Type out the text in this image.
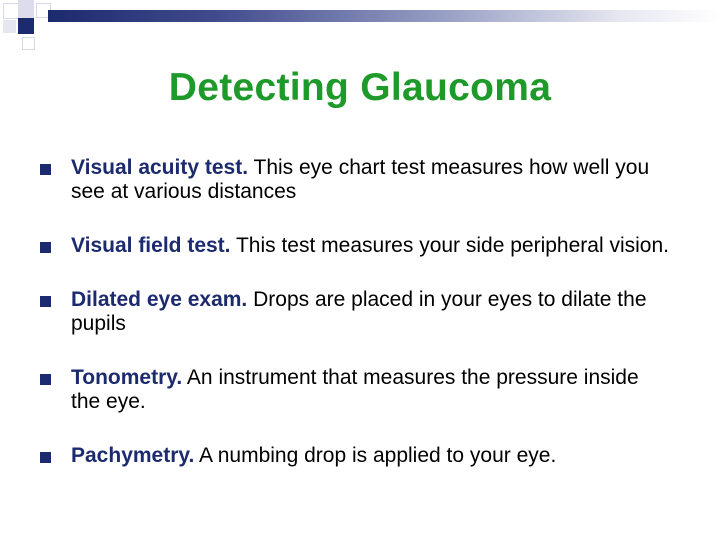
Detecting Glaucoma
Visual acuity test. This eye chart test measures how well you see at various distances
Visual field test. This test measures your side peripheral vision.
Dilated eye exam. Drops are placed in your eyes to dilate the pupils
Tonometry. An instrument that measures the pressure inside the eye.
Pachymetry. A numbing drop is applied to your eye.
